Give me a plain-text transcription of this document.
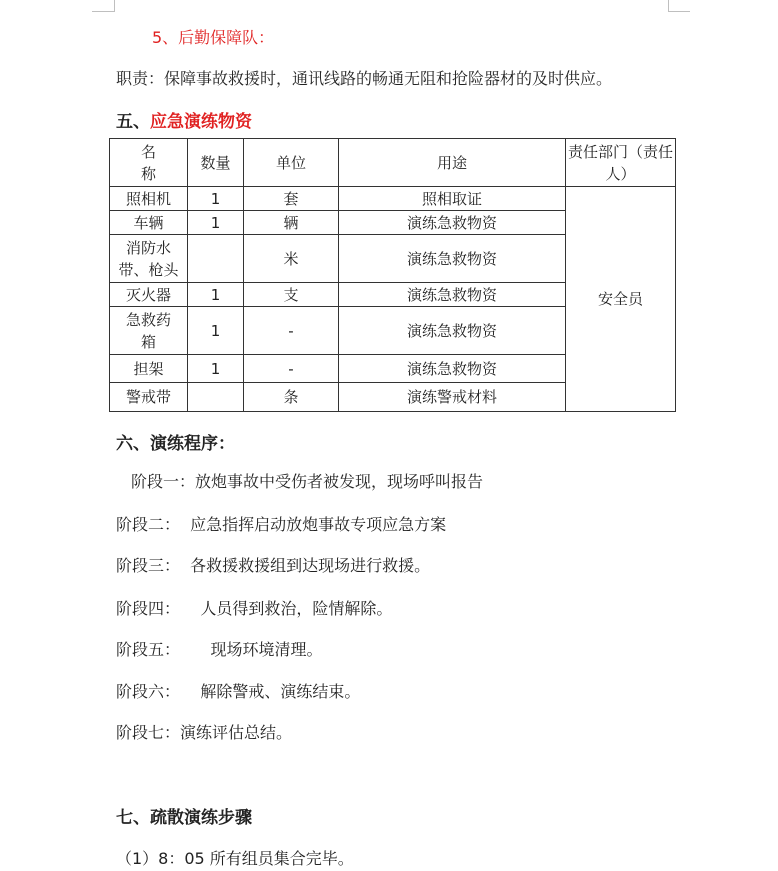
5、后勤保障队：
职责：保障事故救援时，通讯线路的畅通无阻和抢险器材的及时供应。
五、应急演练物资
名
称	数量	单位	用途	责任部门（责任人）
照相机	1	套	照相取证	安全员
车辆	1	辆	演练急救物资	
消防水带、枪头		米	演练急救物资	
灭火器	1	支	演练急救物资	
急救药箱	1	-	演练急救物资	
担架	1	-	演练急救物资	
警戒带		条	演练警戒材料	
六、演练程序：
阶段一：放炮事故中受伤者被发现，现场呼叫报告
阶段二：  应急指挥启动放炮事故专项应急方案
阶段三：  各救援救援组到达现场进行救援。
阶段四：    人员得到救治，险情解除。
阶段五：      现场环境清理。
阶段六：    解除警戒、演练结束。
阶段七：演练评估总结。
七、疏散演练步骤
（1）8：05 所有组员集合完毕。
